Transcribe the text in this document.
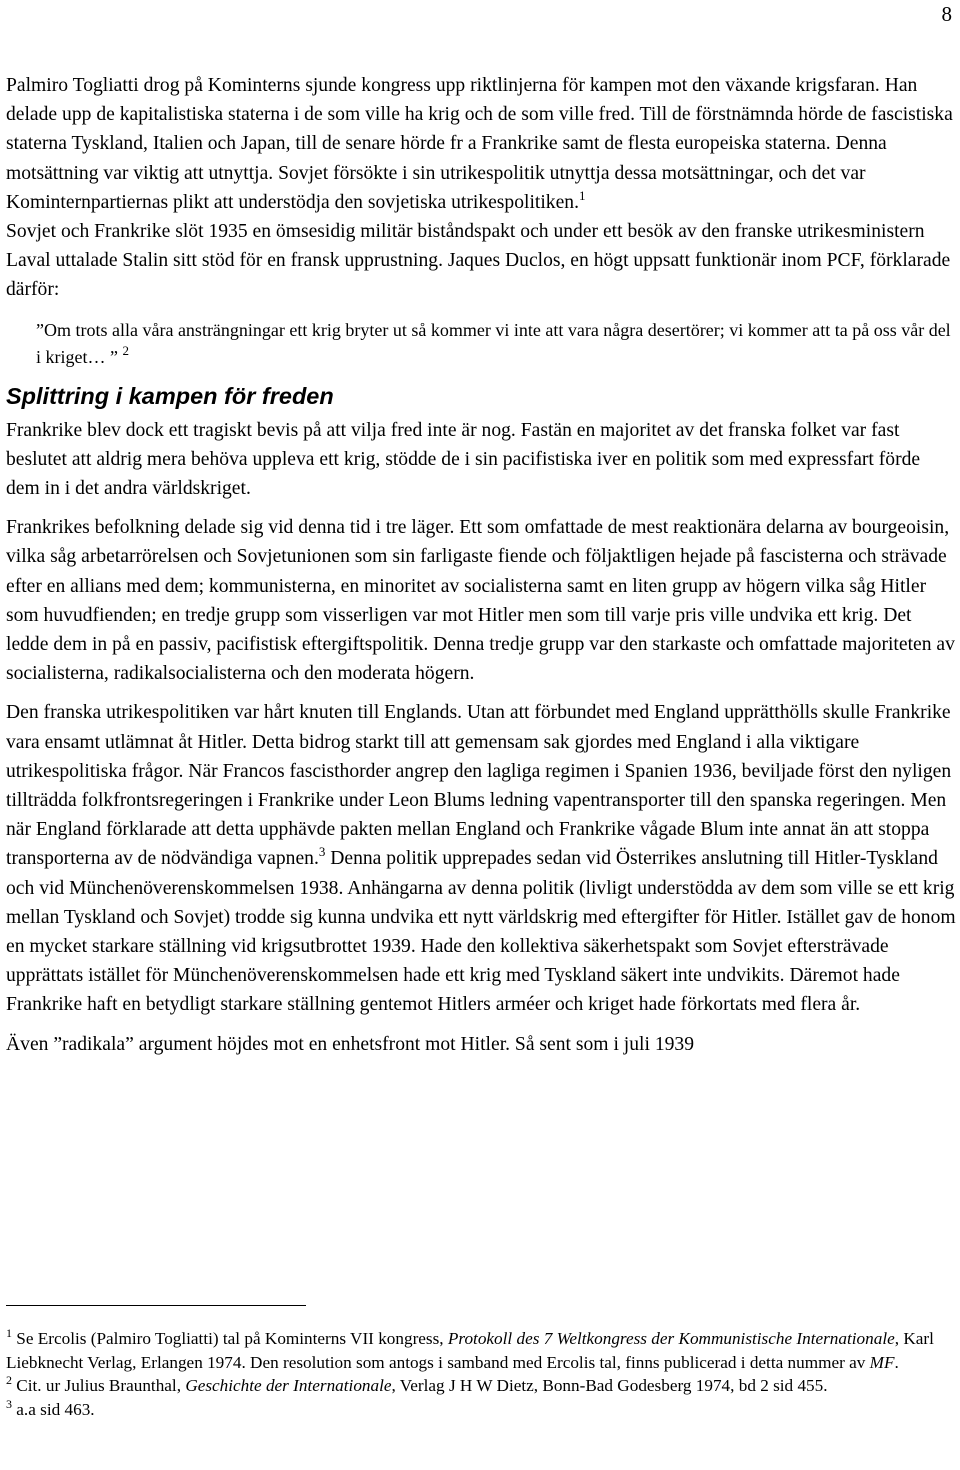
8

Palmiro Togliatti drog på Kominterns sjunde kongress upp riktlinjerna för kampen mot den växande krigsfaran. Han delade upp de kapitalistiska staterna i de som ville ha krig och de som ville fred. Till de förstnämnda hörde de fascistiska staterna Tyskland, Italien och Japan, till de senare hörde fr a Frankrike samt de flesta europeiska staterna. Denna motsättning var viktig att utnyttja. Sovjet försökte i sin utrikespolitik utnyttja dessa motsättningar, och det var Kominternpartiernas plikt att understödja den sovjetiska utrikespolitiken.$^1$

Sovjet och Frankrike slöt 1935 en ömsesidig militär biståndspakt och under ett besök av den franske utrikesministern Laval uttalade Stalin sitt stöd för en fransk upprustning. Jaques Duclos, en högt uppsatt funktionär inom PCF, förklarade därför:

”Om trots alla våra ansträngningar ett krig bryter ut så kommer vi inte att vara några desertörer; vi kommer att ta på oss vår del i kriget… ” $^2$

Splittring i kampen för freden

Frankrike blev dock ett tragiskt bevis på att vilja fred inte är nog. Fastän en majoritet av det franska folket var fast beslutet att aldrig mera behöva uppleva ett krig, stödde de i sin pacifistiska iver en politik som med expressfart förde dem in i det andra världskriget.

Frankrikes befolkning delade sig vid denna tid i tre läger. Ett som omfattade de mest reaktionära delarna av bourgeoisin, vilka såg arbetarrörelsen och Sovjetunionen som sin farligaste fiende och följaktligen hejade på fascisterna och strävade efter en allians med dem; kommunisterna, en minoritet av socialisterna samt en liten grupp av högern vilka såg Hitler som huvudfienden; en tredje grupp som visserligen var mot Hitler men som till varje pris ville undvika ett krig. Det ledde dem in på en passiv, pacifistisk eftergiftspolitik. Denna tredje grupp var den starkaste och omfattade majoriteten av socialisterna, radikalsocialisterna och den moderata högern.

Den franska utrikespolitiken var hårt knuten till Englands. Utan att förbundet med England upprätthölls skulle Frankrike vara ensamt utlämnat åt Hitler. Detta bidrog starkt till att gemensam sak gjordes med England i alla viktigare utrikespolitiska frågor. När Francos fascisthorder angrep den lagliga regimen i Spanien 1936, beviljade först den nyligen tillträdda folkfrontsregeringen i Frankrike under Leon Blums ledning vapentransporter till den spanska regeringen. Men när England förklarade att detta upphävde pakten mellan England och Frankrike vågade Blum inte annat än att stoppa transporterna av de nödvändiga vapnen.$^3$ Denna politik upprepades sedan vid Österrikes anslutning till Hitler-Tyskland och vid Münchenöverenskommelsen 1938. Anhängarna av denna politik (livligt understödda av dem som ville se ett krig mellan Tyskland och Sovjet) trodde sig kunna undvika ett nytt världskrig med eftergifter för Hitler. Istället gav de honom en mycket starkare ställning vid krigsutbrottet 1939. Hade den kollektiva säkerhetspakt som Sovjet eftersträvade upprättats istället för Münchenöverenskommelsen hade ett krig med Tyskland säkert inte undvikits. Däremot hade Frankrike haft en betydligt starkare ställning gentemot Hitlers arméer och kriget hade förkortats med flera år.

Även ”radikala” argument höjdes mot en enhetsfront mot Hitler. Så sent som i juli 1939

$^1$ Se Ercolis (Palmiro Togliatti) tal på Kominterns VII kongress, Protokoll des 7 Weltkongress der Kommunistische Internationale, Karl Liebknecht Verlag, Erlangen 1974. Den resolution som antogs i samband med Ercolis tal, finns publicerad i detta nummer av MF.

$^2$ Cit. ur Julius Braunthal, Geschichte der Internationale, Verlag J H W Dietz, Bonn-Bad Godesberg 1974, bd 2 sid 455.

$^3$ a.a sid 463.
